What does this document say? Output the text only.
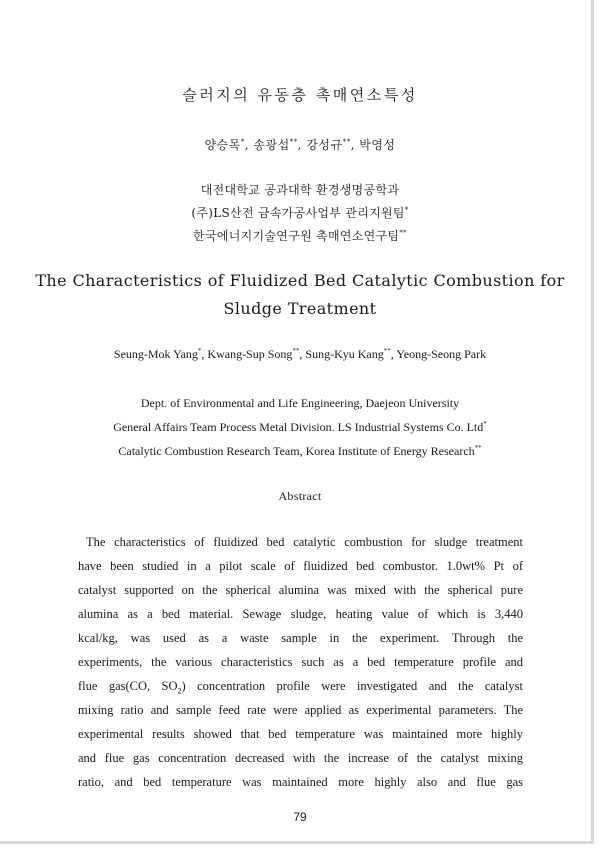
슬러지의 유동층 촉매연소특성
양승목*, 송광섭**, 강성규**, 박영성
대전대학교 공과대학 환경생명공학과
(주)LS산전 금속가공사업부 관리지원팀*
한국에너지기술연구원 촉매연소연구팀**
The Characteristics of Fluidized Bed Catalytic Combustion for
Sludge Treatment
Seung-Mok Yang*, Kwang-Sup Song**, Sung-Kyu Kang**, Yeong-Seong Park
Dept. of Environmental and Life Engineering, Daejeon University
General Affairs Team Process Metal Division. LS Industrial Systems Co. Ltd*
Catalytic Combustion Research Team, Korea Institute of Energy Research**
Abstract
The characteristics of fluidized bed catalytic combustion for sludge treatment
have been studied in a pilot scale of fluidized bed combustor. 1.0wt% Pt of
catalyst supported on the spherical alumina was mixed with the spherical pure
alumina as a bed material. Sewage sludge, heating value of which is 3,440
kcal/kg, was used as a waste sample in the experiment. Through the
experiments, the various characteristics such as a bed temperature profile and
flue gas(CO, $SO_2$) concentration profile were investigated and the catalyst
mixing ratio and sample feed rate were applied as experimental parameters. The
experimental results showed that bed temperature was maintained more highly
and flue gas concentration decreased with the increase of the catalyst mixing
ratio, and bed temperature was maintained more highly also and flue gas
79
